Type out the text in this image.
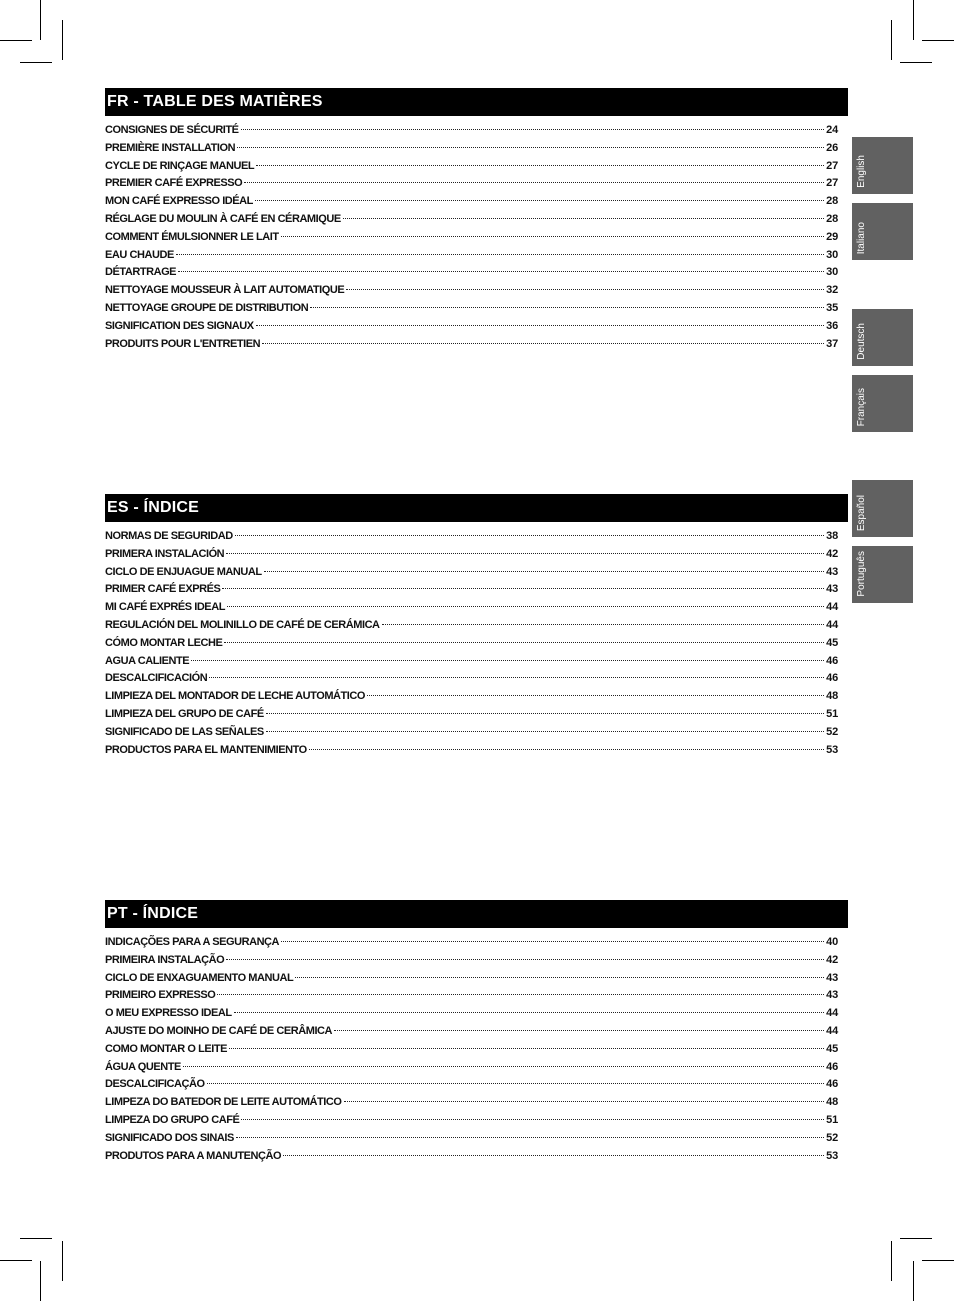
FR - TABLE DES MATIÈRES
CONSIGNES DE SÉCURITÉ	24
PREMIÈRE INSTALLATION	26
CYCLE DE RINÇAGE MANUEL	27
PREMIER CAFÉ EXPRESSO	27
MON CAFÉ EXPRESSO IDÉAL	28
RÉGLAGE DU MOULIN À CAFÉ EN CÉRAMIQUE	28
COMMENT ÉMULSIONNER LE LAIT	29
EAU CHAUDE	30
DÉTARTRAGE	30
NETTOYAGE MOUSSEUR À LAIT AUTOMATIQUE	32
NETTOYAGE GROUPE DE DISTRIBUTION	35
SIGNIFICATION DES SIGNAUX	36
PRODUITS POUR L'ENTRETIEN	37
ES - ÍNDICE
NORMAS DE SEGURIDAD	38
PRIMERA INSTALACIÓN	42
CICLO DE ENJUAGUE MANUAL	43
PRIMER CAFÉ EXPRÉS	43
MI CAFÉ EXPRÉS IDEAL	44
REGULACIÓN DEL MOLINILLO DE CAFÉ DE CERÁMICA	44
CÓMO MONTAR LECHE	45
AGUA CALIENTE	46
DESCALCIFICACIÓN	46
LIMPIEZA DEL MONTADOR DE LECHE AUTOMÁTICO	48
LIMPIEZA DEL GRUPO DE CAFÉ	51
SIGNIFICADO DE LAS SEÑALES	52
PRODUCTOS PARA EL MANTENIMIENTO	53
PT - ÍNDICE
INDICAÇÕES PARA A SEGURANÇA	40
PRIMEIRA INSTALAÇÃO	42
CICLO DE ENXAGUAMENTO MANUAL	43
PRIMEIRO EXPRESSO	43
O MEU EXPRESSO IDEAL	44
AJUSTE DO MOINHO DE CAFÉ DE CERÂMICA	44
COMO MONTAR O LEITE	45
ÁGUA QUENTE	46
DESCALCIFICAÇÃO	46
LIMPEZA DO BATEDOR DE LEITE AUTOMÁTICO	48
LIMPEZA DO GRUPO CAFÉ	51
SIGNIFICADO DOS SINAIS	52
PRODUTOS PARA A MANUTENÇÃO	53
English
Italiano
Deutsch
Français
Español
Português
